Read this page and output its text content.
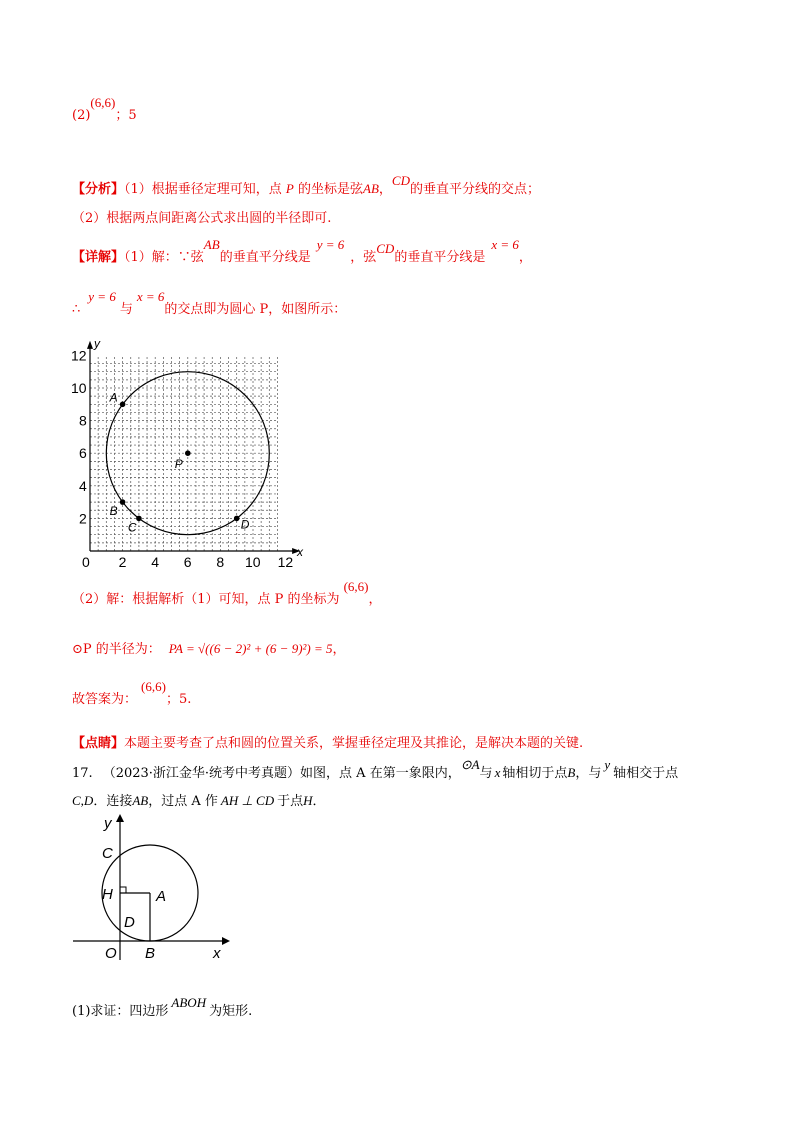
(2)(6,6)；5
【分析】（1）根据垂径定理可知，点 P 的坐标是弦AB，CD的垂直平分线的交点；
（2）根据两点间距离公式求出圆的半径即可.
【详解】（1）解：∵弦AB的垂直平分线是y = 6，弦CD的垂直平分线是x = 6，
∴y = 6与x = 6的交点即为圆心 P，如图所示：
x
y
0 2 4 6 8 10 12
2
4
6
8
10
12
A
B
C	D
P
（2）解：根据解析（1）可知，点 P 的坐标为(6,6)，
⊙P 的半径为： PA = √((6 − 2)² + (6 − 9)²) = 5，
故答案为：(6,6)；5.
【点睛】本题主要考查了点和圆的位置关系，掌握垂径定理及其推论，是解决本题的关键.
17. （2023·浙江金华·统考中考真题）如图，点 A 在第一象限内，⊙A与 x 轴相切于点B，与y轴相交于点
C,D．连接AB，过点 A 作 AH ⊥ CD 于点H．
y
x
C
H	A
D
O B
(1)求证：四边形ABOH为矩形.
